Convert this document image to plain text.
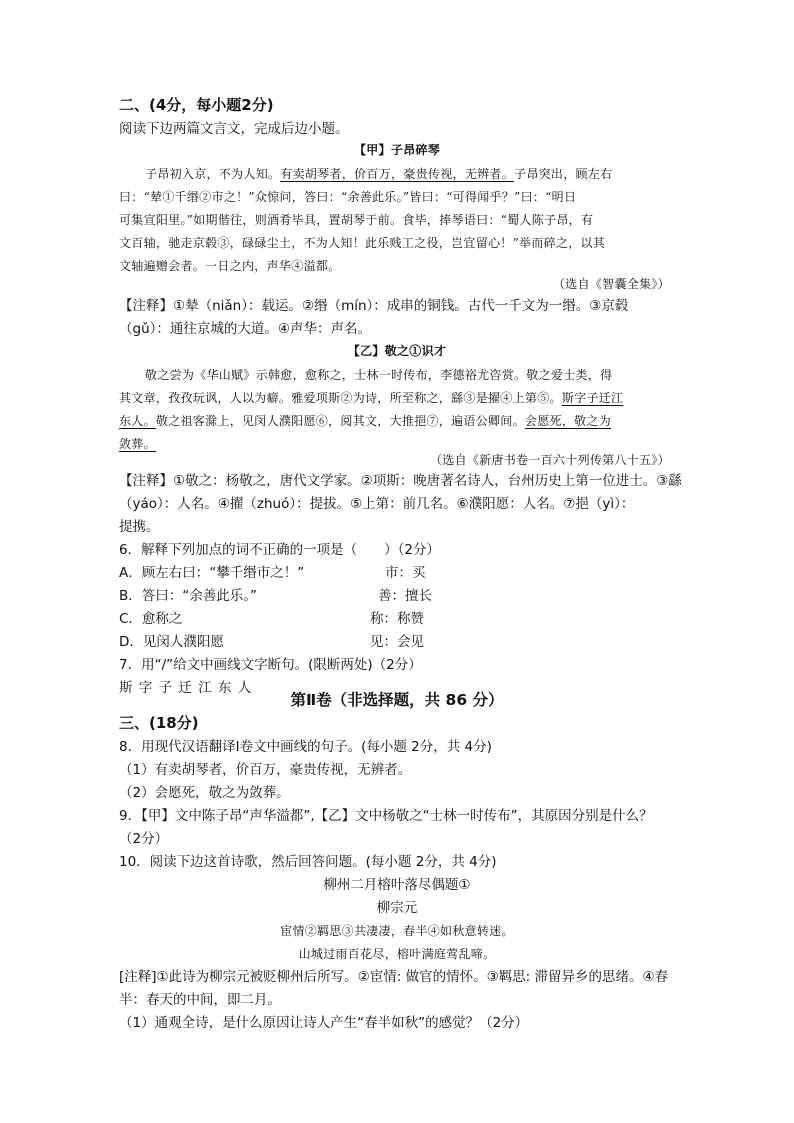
二、(4分，每小题2分)
阅读下边两篇文言文，完成后边小题。
【甲】子昂碎琴
子昂初入京，不为人知。有卖胡琴者，价百万，豪贵传视，无辨者。子昂突出，顾左右
曰：“辇①千缗②市之！”众惊问，答曰：“余善此乐。”皆曰：“可得闻乎？”曰：“明日
可集宣阳里。”如期偕往，则酒肴毕具，置胡琴于前。食毕，捧琴语曰：“蜀人陈子昂，有
文百轴，驰走京毂③，碌碌尘土，不为人知！此乐贱工之役，岂宜留心！”举而碎之，以其
文轴遍赠会者。一日之内，声华④溢都。
（选自《智囊全集》）
【注释】①辇（niǎn）：载运。②缗（mín）：成串的铜钱。古代一千文为一缗。③京毂
（gǔ）：通往京城的大道。④声华：声名。
【乙】敬之①识才
敬之尝为《华山赋》示韩愈，愈称之，士林一时传布，李德裕尤咨赏。敬之爱士类，得
其文章，孜孜玩讽，人以为癖。雅爱项斯②为诗，所至称之，繇③是擢④上第⑤。斯字子迁江
东人。敬之祖客滁上，见闵人濮阳愿⑥，阅其文，大推挹⑦，遍语公卿间。会愿死，敬之为
敛葬。
（选自《新唐书卷一百六十列传第八十五》）
【注释】①敬之：杨敬之，唐代文学家。②项斯：晚唐著名诗人，台州历史上第一位进士。③繇
（yáo）：人名。④擢（zhuó）：提拔。⑤上第：前几名。⑥濮阳愿：人名。⑦挹（yì）：
提携。
6．解释下列加点的词不正确的一项是（　　）（2分）
A．顾左右曰：“攀千缗市之！”	市：买
B．答曰：“余善此乐。”	善：擅长
C．愈称之	称：称赞
D．见闵人濮阳愿	见：会见
7．用“/”给文中画线文字断句。(限断两处)（2分）
斯 字 子 迁 江 东 人
第Ⅱ卷（非选择题，共 86 分）
三、(18分)
8．用现代汉语翻译Ⅰ卷文中画线的句子。(每小题 2分，共 4分)
（1）有卖胡琴者，价百万，豪贵传视，无辨者。
（2）会愿死，敬之为敛葬。
9．【甲】文中陈子昂“声华溢都”,【乙】文中杨敬之“士林一时传布”，其原因分别是什么？
（2分）
10．阅读下边这首诗歌，然后回答问题。(每小题 2分，共 4分)
柳州二月榕叶落尽偶题①
柳宗元
宦情②羁思③共凄凄，春半④如秋意转迷。
山城过雨百花尽，榕叶满庭莺乱啼。
[注释]①此诗为柳宗元被贬柳州后所写。②宦情: 做官的情怀。③羁思: 滞留异乡的思绪。④春
半：春天的中间，即二月。
（1）通观全诗，是什么原因让诗人产生“春半如秋”的感觉？（2分）
